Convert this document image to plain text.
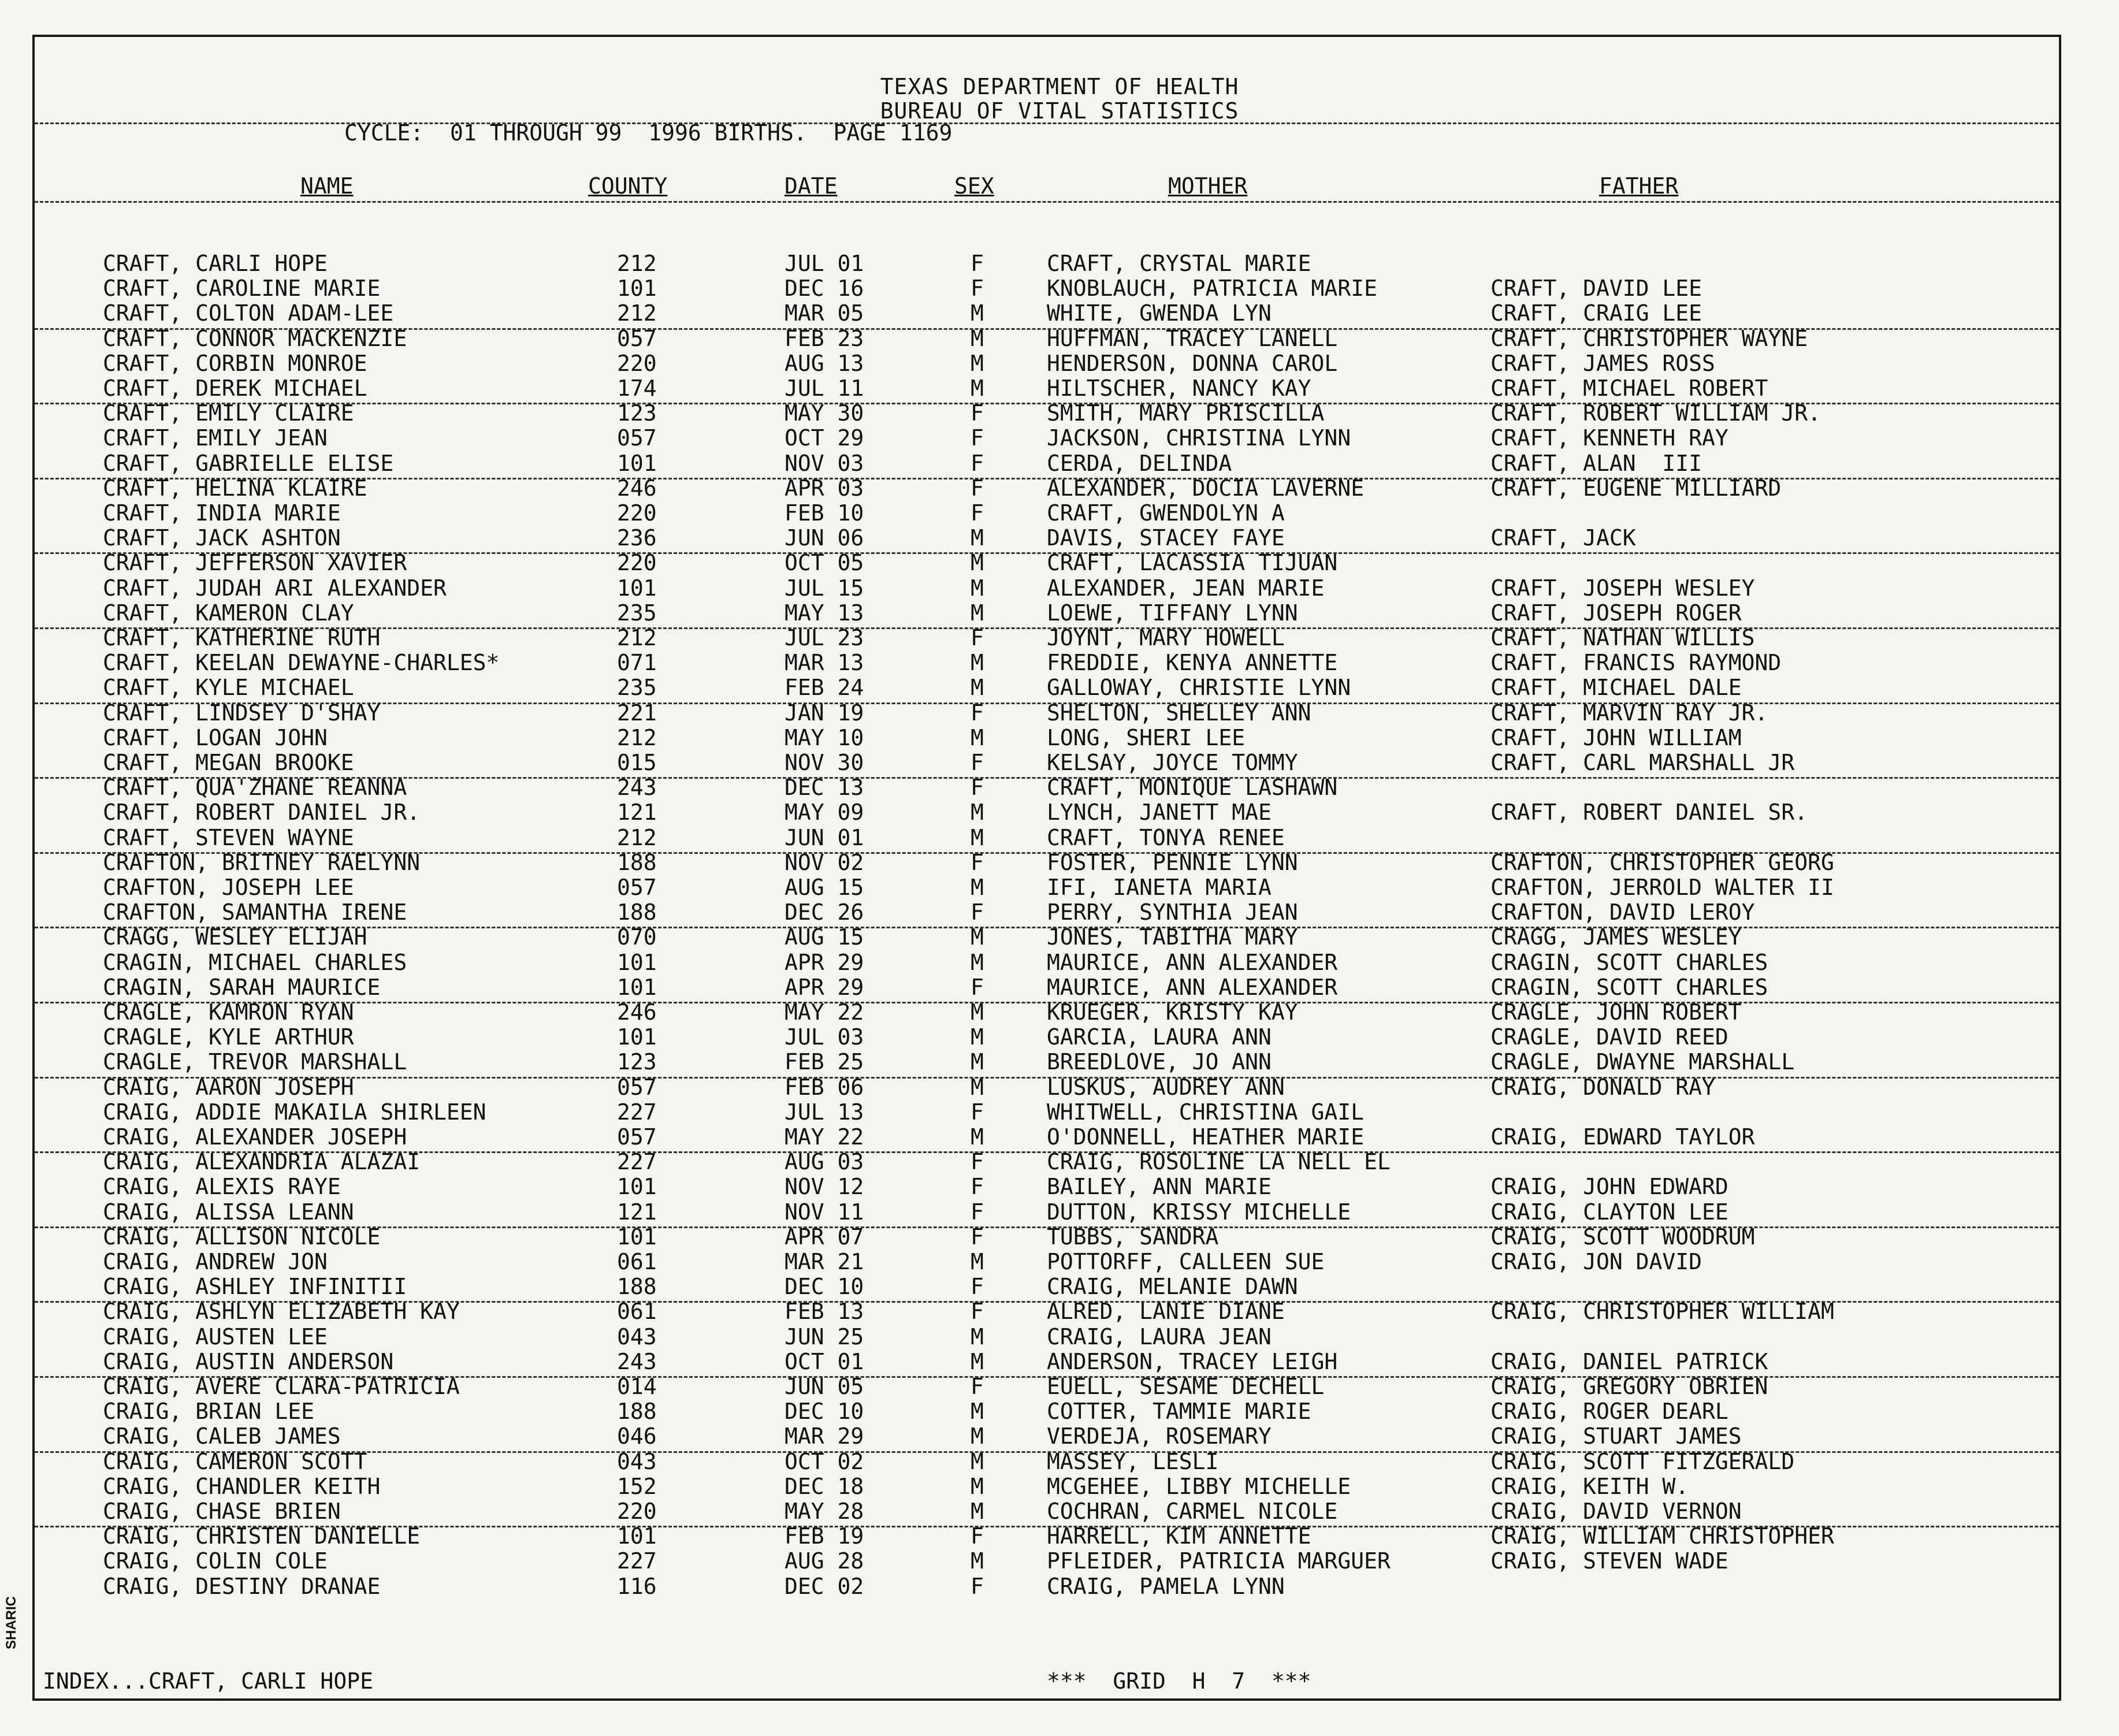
TEXAS DEPARTMENT OF HEALTH
BUREAU OF VITAL STATISTICS
CYCLE:  01 THROUGH 99  1996 BIRTHS.  PAGE 1169
NAME	COUNTY	DATE	SEX	MOTHER	FATHER
CRAFT, CARLI HOPE	212	JUL 01	F	CRAFT, CRYSTAL MARIE
CRAFT, CAROLINE MARIE	101	DEC 16	F	KNOBLAUCH, PATRICIA MARIE	CRAFT, DAVID LEE
CRAFT, COLTON ADAM-LEE	212	MAR 05	M	WHITE, GWENDA LYN	CRAFT, CRAIG LEE
CRAFT, CONNOR MACKENZIE	057	FEB 23	M	HUFFMAN, TRACEY LANELL	CRAFT, CHRISTOPHER WAYNE
CRAFT, CORBIN MONROE	220	AUG 13	M	HENDERSON, DONNA CAROL	CRAFT, JAMES ROSS
CRAFT, DEREK MICHAEL	174	JUL 11	M	HILTSCHER, NANCY KAY	CRAFT, MICHAEL ROBERT
CRAFT, EMILY CLAIRE	123	MAY 30	F	SMITH, MARY PRISCILLA	CRAFT, ROBERT WILLIAM JR.
CRAFT, EMILY JEAN	057	OCT 29	F	JACKSON, CHRISTINA LYNN	CRAFT, KENNETH RAY
CRAFT, GABRIELLE ELISE	101	NOV 03	F	CERDA, DELINDA	CRAFT, ALAN  III
CRAFT, HELINA KLAIRE	246	APR 03	F	ALEXANDER, DOCIA LAVERNE	CRAFT, EUGENE MILLIARD
CRAFT, INDIA MARIE	220	FEB 10	F	CRAFT, GWENDOLYN A
CRAFT, JACK ASHTON	236	JUN 06	M	DAVIS, STACEY FAYE	CRAFT, JACK
CRAFT, JEFFERSON XAVIER	220	OCT 05	M	CRAFT, LACASSIA TIJUAN
CRAFT, JUDAH ARI ALEXANDER	101	JUL 15	M	ALEXANDER, JEAN MARIE	CRAFT, JOSEPH WESLEY
CRAFT, KAMERON CLAY	235	MAY 13	M	LOEWE, TIFFANY LYNN	CRAFT, JOSEPH ROGER
CRAFT, KATHERINE RUTH	212	JUL 23	F	JOYNT, MARY HOWELL	CRAFT, NATHAN WILLIS
CRAFT, KEELAN DEWAYNE-CHARLES*	071	MAR 13	M	FREDDIE, KENYA ANNETTE	CRAFT, FRANCIS RAYMOND
CRAFT, KYLE MICHAEL	235	FEB 24	M	GALLOWAY, CHRISTIE LYNN	CRAFT, MICHAEL DALE
CRAFT, LINDSEY D'SHAY	221	JAN 19	F	SHELTON, SHELLEY ANN	CRAFT, MARVIN RAY JR.
CRAFT, LOGAN JOHN	212	MAY 10	M	LONG, SHERI LEE	CRAFT, JOHN WILLIAM
CRAFT, MEGAN BROOKE	015	NOV 30	F	KELSAY, JOYCE TOMMY	CRAFT, CARL MARSHALL JR
CRAFT, QUA'ZHANE REANNA	243	DEC 13	F	CRAFT, MONIQUE LASHAWN
CRAFT, ROBERT DANIEL JR.	121	MAY 09	M	LYNCH, JANETT MAE	CRAFT, ROBERT DANIEL SR.
CRAFT, STEVEN WAYNE	212	JUN 01	M	CRAFT, TONYA RENEE
CRAFTON, BRITNEY RAELYNN	188	NOV 02	F	FOSTER, PENNIE LYNN	CRAFTON, CHRISTOPHER GEORG
CRAFTON, JOSEPH LEE	057	AUG 15	M	IFI, IANETA MARIA	CRAFTON, JERROLD WALTER II
CRAFTON, SAMANTHA IRENE	188	DEC 26	F	PERRY, SYNTHIA JEAN	CRAFTON, DAVID LEROY
CRAGG, WESLEY ELIJAH	070	AUG 15	M	JONES, TABITHA MARY	CRAGG, JAMES WESLEY
CRAGIN, MICHAEL CHARLES	101	APR 29	M	MAURICE, ANN ALEXANDER	CRAGIN, SCOTT CHARLES
CRAGIN, SARAH MAURICE	101	APR 29	F	MAURICE, ANN ALEXANDER	CRAGIN, SCOTT CHARLES
CRAGLE, KAMRON RYAN	246	MAY 22	M	KRUEGER, KRISTY KAY	CRAGLE, JOHN ROBERT
CRAGLE, KYLE ARTHUR	101	JUL 03	M	GARCIA, LAURA ANN	CRAGLE, DAVID REED
CRAGLE, TREVOR MARSHALL	123	FEB 25	M	BREEDLOVE, JO ANN	CRAGLE, DWAYNE MARSHALL
CRAIG, AARON JOSEPH	057	FEB 06	M	LUSKUS, AUDREY ANN	CRAIG, DONALD RAY
CRAIG, ADDIE MAKAILA SHIRLEEN	227	JUL 13	F	WHITWELL, CHRISTINA GAIL
CRAIG, ALEXANDER JOSEPH	057	MAY 22	M	O'DONNELL, HEATHER MARIE	CRAIG, EDWARD TAYLOR
CRAIG, ALEXANDRIA ALAZAI	227	AUG 03	F	CRAIG, ROSOLINE LA NELL EL
CRAIG, ALEXIS RAYE	101	NOV 12	F	BAILEY, ANN MARIE	CRAIG, JOHN EDWARD
CRAIG, ALISSA LEANN	121	NOV 11	F	DUTTON, KRISSY MICHELLE	CRAIG, CLAYTON LEE
CRAIG, ALLISON NICOLE	101	APR 07	F	TUBBS, SANDRA	CRAIG, SCOTT WOODRUM
CRAIG, ANDREW JON	061	MAR 21	M	POTTORFF, CALLEEN SUE	CRAIG, JON DAVID
CRAIG, ASHLEY INFINITII	188	DEC 10	F	CRAIG, MELANIE DAWN
CRAIG, ASHLYN ELIZABETH KAY	061	FEB 13	F	ALRED, LANIE DIANE	CRAIG, CHRISTOPHER WILLIAM
CRAIG, AUSTEN LEE	043	JUN 25	M	CRAIG, LAURA JEAN
CRAIG, AUSTIN ANDERSON	243	OCT 01	M	ANDERSON, TRACEY LEIGH	CRAIG, DANIEL PATRICK
CRAIG, AVERE CLARA-PATRICIA	014	JUN 05	F	EUELL, SESAME DECHELL	CRAIG, GREGORY OBRIEN
CRAIG, BRIAN LEE	188	DEC 10	M	COTTER, TAMMIE MARIE	CRAIG, ROGER DEARL
CRAIG, CALEB JAMES	046	MAR 29	M	VERDEJA, ROSEMARY	CRAIG, STUART JAMES
CRAIG, CAMERON SCOTT	043	OCT 02	M	MASSEY, LESLI	CRAIG, SCOTT FITZGERALD
CRAIG, CHANDLER KEITH	152	DEC 18	M	MCGEHEE, LIBBY MICHELLE	CRAIG, KEITH W.
CRAIG, CHASE BRIEN	220	MAY 28	M	COCHRAN, CARMEL NICOLE	CRAIG, DAVID VERNON
CRAIG, CHRISTEN DANIELLE	101	FEB 19	F	HARRELL, KIM ANNETTE	CRAIG, WILLIAM CHRISTOPHER
CRAIG, COLIN COLE	227	AUG 28	M	PFLEIDER, PATRICIA MARGUER	CRAIG, STEVEN WADE
CRAIG, DESTINY DRANAE	116	DEC 02	F	CRAIG, PAMELA LYNN
INDEX...CRAFT, CARLI HOPE	***  GRID  H  7  ***
SHARIC
